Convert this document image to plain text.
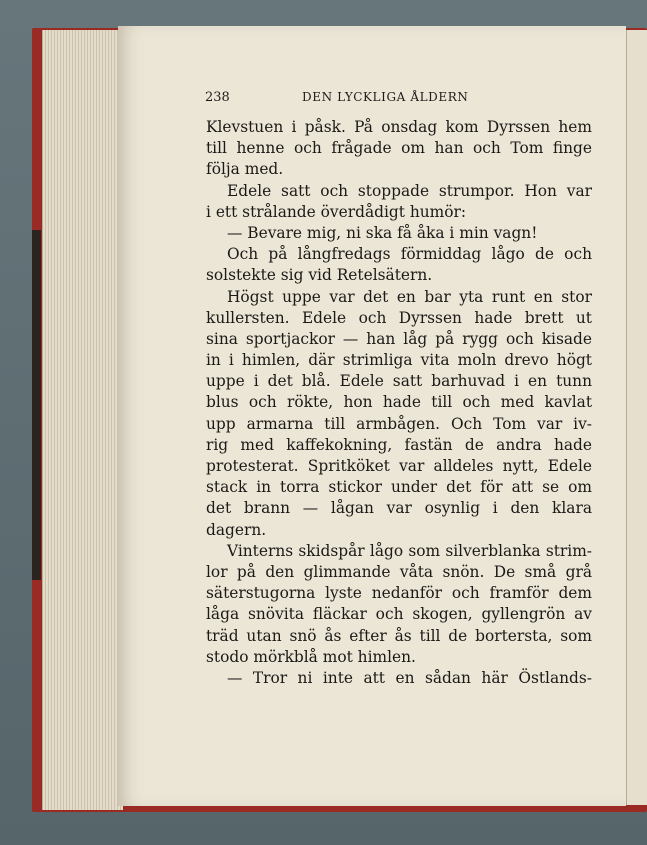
238	DEN LYCKLIGA ÅLDERN
Klevstuen i påsk. På onsdag kom Dyrssen hem
till henne och frågade om han och Tom finge
följa med.
Edele satt och stoppade strumpor. Hon var
i ett strålande överdådigt humör:
— Bevare mig, ni ska få åka i min vagn!
Och på långfredags förmiddag lågo de och
solstekte sig vid Retelsätern.
Högst uppe var det en bar yta runt en stor
kullersten. Edele och Dyrssen hade brett ut
sina sportjackor — han låg på rygg och kisade
in i himlen, där strimliga vita moln drevo högt
uppe i det blå. Edele satt barhuvad i en tunn
blus och rökte, hon hade till och med kavlat
upp armarna till armbågen. Och Tom var iv-
rig med kaffekokning, fastän de andra hade
protesterat. Spritköket var alldeles nytt, Edele
stack in torra stickor under det för att se om
det brann — lågan var osynlig i den klara
dagern.
Vinterns skidspår lågo som silverblanka strim-
lor på den glimmande våta snön. De små grå
säterstugorna lyste nedanför och framför dem
låga snövita fläckar och skogen, gyllengrön av
träd utan snö ås efter ås till de bortersta, som
stodo mörkblå mot himlen.
— Tror ni inte att en sådan här Östlands-
